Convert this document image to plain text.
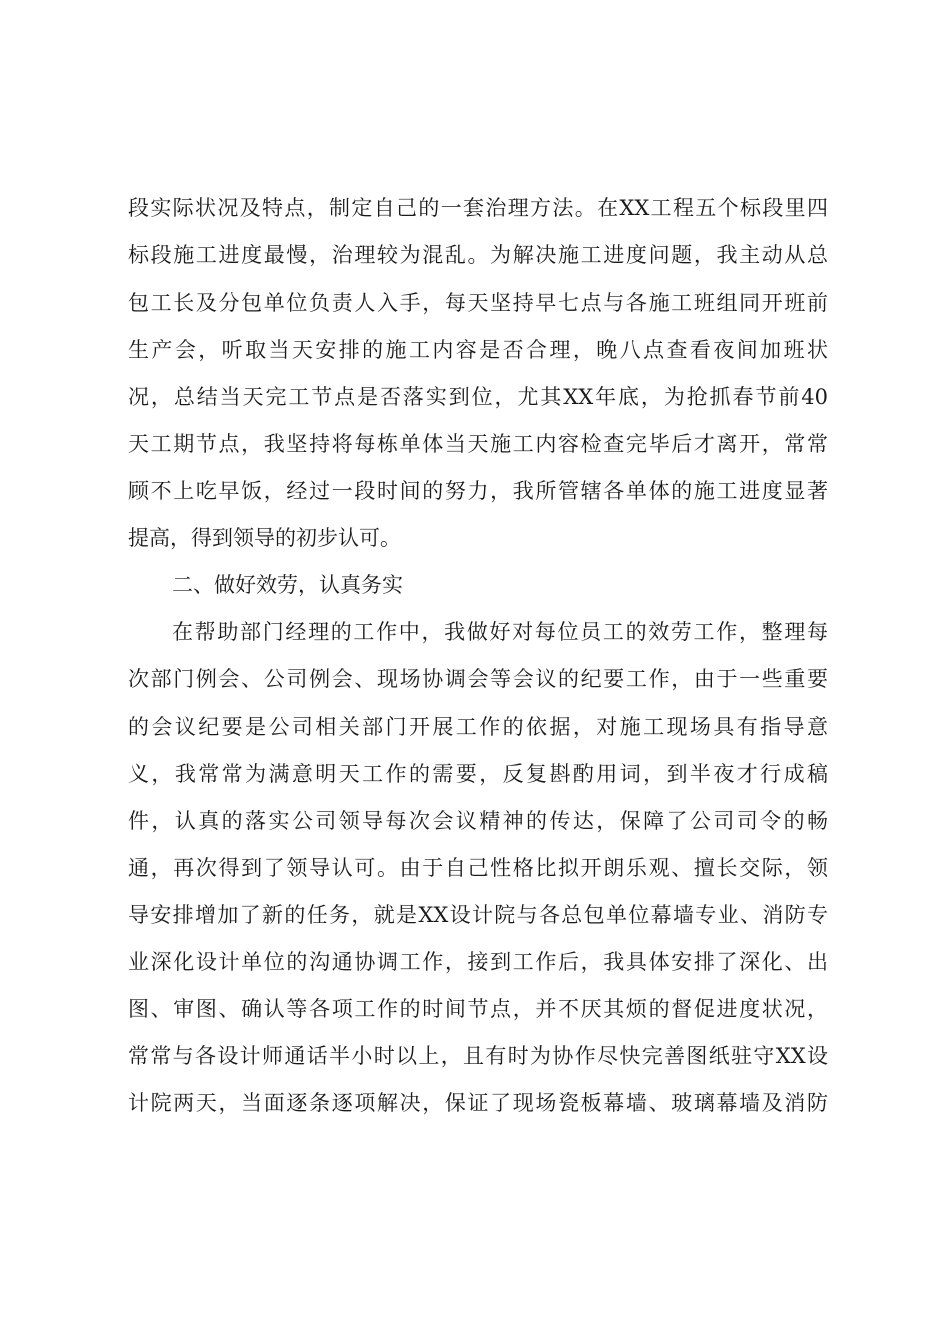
段实际状况及特点，制定自己的一套治理方法。在XX工程五个标段里四
标段施工进度最慢，治理较为混乱。为解决施工进度问题，我主动从总
包工长及分包单位负责人入手，每天坚持早七点与各施工班组同开班前
生产会，听取当天安排的施工内容是否合理，晚八点查看夜间加班状
况，总结当天完工节点是否落实到位，尤其XX年底，为抢抓春节前40
天工期节点，我坚持将每栋单体当天施工内容检查完毕后才离开，常常
顾不上吃早饭，经过一段时间的努力，我所管辖各单体的施工进度显著
提高，得到领导的初步认可。
二、做好效劳，认真务实
在帮助部门经理的工作中，我做好对每位员工的效劳工作，整理每
次部门例会、公司例会、现场协调会等会议的纪要工作，由于一些重要
的会议纪要是公司相关部门开展工作的依据，对施工现场具有指导意
义，我常常为满意明天工作的需要，反复斟酌用词，到半夜才行成稿
件，认真的落实公司领导每次会议精神的传达，保障了公司司令的畅
通，再次得到了领导认可。由于自己性格比拟开朗乐观、擅长交际，领
导安排增加了新的任务，就是XX设计院与各总包单位幕墙专业、消防专
业深化设计单位的沟通协调工作，接到工作后，我具体安排了深化、出
图、审图、确认等各项工作的时间节点，并不厌其烦的督促进度状况，
常常与各设计师通话半小时以上，且有时为协作尽快完善图纸驻守XX设
计院两天，当面逐条逐项解决，保证了现场瓷板幕墙、玻璃幕墙及消防
